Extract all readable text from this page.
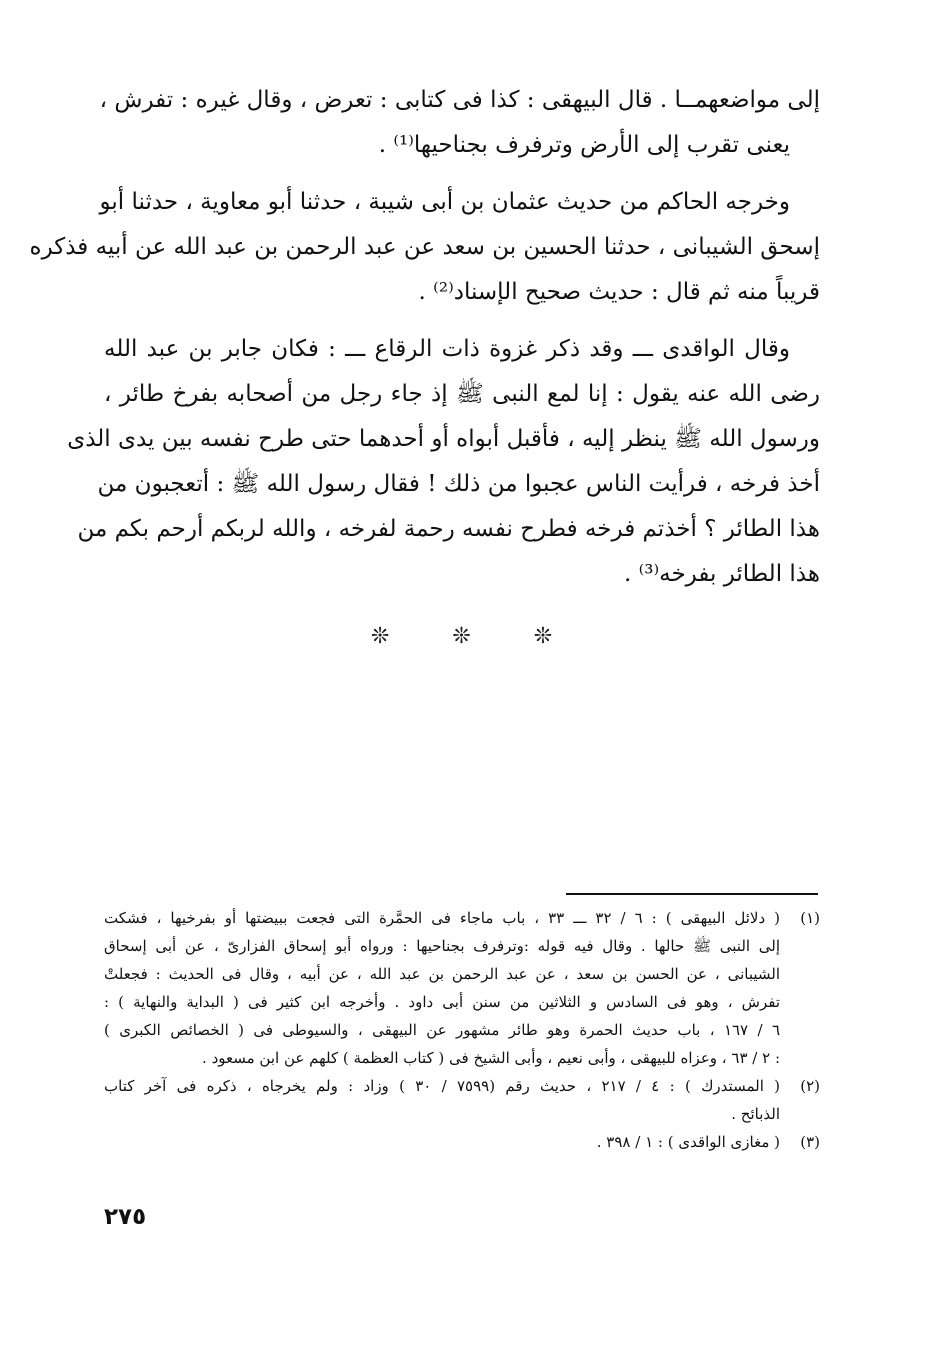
إلى مواضعهمــا . قال البيهقى : كذا فى كتابى : تعرض ، وقال غيره : تفرش ،
يعنى تقرب إلى الأرض وترفرف بجناحيها⁽¹⁾ .
وخرجه الحاكم من حديث عثمان بن أبى شيبة ، حدثنا أبو معاوية ، حدثنا أبو
إسحق الشيبانى ، حدثنا الحسين بن سعد عن عبد الرحمن بن عبد الله عن أبيه فذكره
قريباً منه ثم قال : حديث صحيح الإسناد⁽²⁾ .
وقال الواقدى ـــ وقد ذكر غزوة ذات الرقاع ـــ : فكان جابر بن عبد الله
رضى الله عنه يقول : إنا لمع النبى ﷺ إذ جاء رجل من أصحابه بفرخ طائر ،
ورسول الله ﷺ ينظر إليه ، فأقبل أبواه أو أحدهما حتى طرح نفسه بين يدى الذى
أخذ فرخه ، فرأيت الناس عجبوا من ذلك ! فقال رسول الله ﷺ : أتعجبون من
هذا الطائر ؟ أخذتم فرخه فطرح نفسه رحمة لفرخه ، والله لربكم أرحم بكم من
هذا الطائر بفرخه⁽³⁾ .
❊ ❊ ❊
(١)
( دلائل البيهقى ) : ٦ / ٣٢ ـــ ٣٣ ، باب ماجاء فى الحمَّرة التى فجعت ببيضتها أو بفرخيها ، فشكت
إلى النبى ﷺ حالها . وقال فيه قوله :وترفرف بجناحيها : ورواه أبو إسحاق الفزارىّ ، عن أبى إسحاق
الشيبانى ، عن الحسن بن سعد ، عن عبد الرحمن بن عبد الله ، عن أبيه ، وقال فى الحديث : فجعلتْ
تفرش ، وهو فى السادس و الثلاثين من سنن أبى داود . وأخرجه ابن كثير فى ( البداية والنهاية ) :
٦ / ١٦٧ ، باب حديث الحمرة وهو طائر مشهور عن البيهقى ، والسيوطى فى ( الخصائص الكبرى )
: ٢ / ٦٣ ، وعزاه للبيهقى ، وأبى نعيم ، وأبى الشيخ فى ( كتاب العظمة ) كلهم عن ابن مسعود .
(٢)
( المستدرك ) : ٤ / ٢١٧ ، حديث رقم (٧٥٩٩ / ٣٠ ) وزاد : ولم يخرجاه ، ذكره فى آخر كتاب
الذبائح .
(٣)
( مغازى الواقدى ) : ١ / ٣٩٨ .
٢٧٥
